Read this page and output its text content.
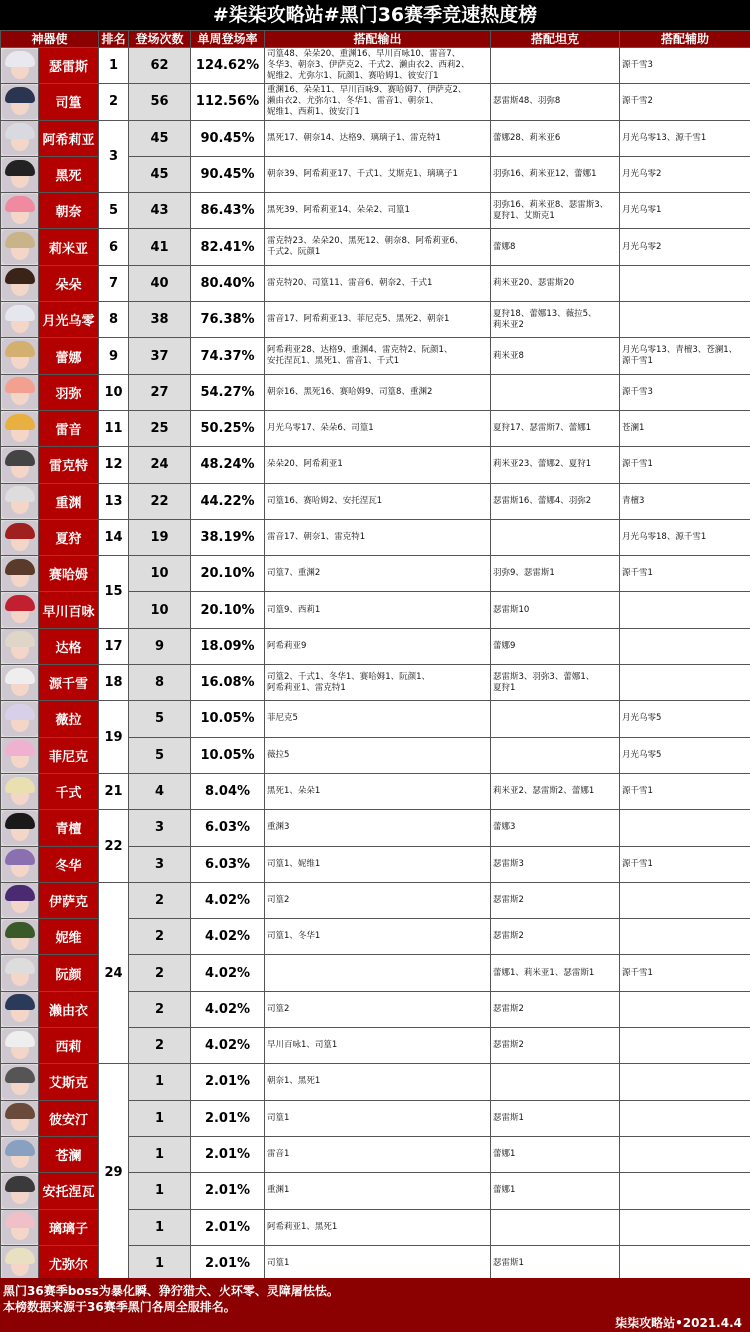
#柒柒攻略站#黑门36赛季竞速热度榜
神器使		排名	登场次数	单周登场率	搭配输出	搭配坦克	搭配辅助

	瑟雷斯	1	62	124.62%	司篁48、朵朵20、重渊16、早川百咏10、雷音7、
冬华3、朝奈3、伊萨克2、千式2、濑由衣2、西莉2、
妮维2、尤弥尔1、阮颜1、赛哈姆1、彼安汀1		源千雪3

	司篁	2	56	112.56%	重渊16、朵朵11、早川百咏9、赛哈姆7、伊萨克2、
濑由衣2、尤弥尔1、冬华1、雷音1、朝奈1、
妮维1、西莉1、彼安汀1	瑟雷斯48、羽弥8	源千雪2

	阿希莉亚	3	45	90.45%	黑死17、朝奈14、达格9、璃璃子1、雷克特1	蕾娜28、莉米亚6	月光乌零13、源千雪1

	黑死		45	90.45%	朝奈39、阿希莉亚17、千式1、艾斯克1、璃璃子1	羽弥16、莉米亚12、蕾娜1	月光乌零2

	朝奈	5	43	86.43%	黑死39、阿希莉亚14、朵朵2、司篁1	羽弥16、莉米亚8、瑟雷斯3、
夏狩1、艾斯克1	月光乌零1

	莉米亚	6	41	82.41%	雷克特23、朵朵20、黑死12、朝奈8、阿希莉亚6、
千式2、阮颜1	蕾娜8	月光乌零2

	朵朵	7	40	80.40%	雷克特20、司篁11、雷音6、朝奈2、千式1	莉米亚20、瑟雷斯20	

	月光乌零	8	38	76.38%	雷音17、阿希莉亚13、菲尼克5、黑死2、朝奈1	夏狩18、蕾娜13、薇拉5、
莉米亚2	

	蕾娜	9	37	74.37%	阿希莉亚28、达格9、重渊4、雷克特2、阮颜1、
安托涅瓦1、黑死1、雷音1、千式1	莉米亚8	月光乌零13、青檀3、苍澜1、
源千雪1

	羽弥	10	27	54.27%	朝奈16、黑死16、赛哈姆9、司篁8、重渊2		源千雪3

	雷音	11	25	50.25%	月光乌零17、朵朵6、司篁1	夏狩17、瑟雷斯7、蕾娜1	苍澜1

	雷克特	12	24	48.24%	朵朵20、阿希莉亚1	莉米亚23、蕾娜2、夏狩1	源千雪1

	重渊	13	22	44.22%	司篁16、赛哈姆2、安托涅瓦1	瑟雷斯16、蕾娜4、羽弥2	青檀3

	夏狩	14	19	38.19%	雷音17、朝奈1、雷克特1		月光乌零18、源千雪1

	赛哈姆	15	10	20.10%	司篁7、重渊2	羽弥9、瑟雷斯1	源千雪1

	早川百咏		10	20.10%	司篁9、西莉1	瑟雷斯10	

	达格	17	9	18.09%	阿希莉亚9	蕾娜9	

	源千雪	18	8	16.08%	司篁2、千式1、冬华1、赛哈姆1、阮颜1、
阿希莉亚1、雷克特1	瑟雷斯3、羽弥3、蕾娜1、
夏狩1	

	薇拉	19	5	10.05%	菲尼克5		月光乌零5

	菲尼克		5	10.05%	薇拉5		月光乌零5

	千式	21	4	8.04%	黑死1、朵朵1	莉米亚2、瑟雷斯2、蕾娜1	源千雪1

	青檀	22	3	6.03%	重渊3	蕾娜3	

	冬华		3	6.03%	司篁1、妮维1	瑟雷斯3	源千雪1

	伊萨克	24	2	4.02%	司篁2	瑟雷斯2	

	妮维		2	4.02%	司篁1、冬华1	瑟雷斯2	

	阮颜		2	4.02%		蕾娜1、莉米亚1、瑟雷斯1	源千雪1

	濑由衣		2	4.02%	司篁2	瑟雷斯2	

	西莉		2	4.02%	早川百咏1、司篁1	瑟雷斯2	

	艾斯克	29	1	2.01%	朝奈1、黑死1		

	彼安汀		1	2.01%	司篁1	瑟雷斯1	

	苍澜		1	2.01%	雷音1	蕾娜1	

	安托涅瓦		1	2.01%	重渊1	蕾娜1	

	璃璃子		1	2.01%	阿希莉亚1、黑死1		

	尤弥尔		1	2.01%	司篁1	瑟雷斯1	
黑门36赛季boss为暴化瞬、狰狞猎犬、火环零、灵障屠怯怯。
本榜数据来源于36赛季黑门各周全服排名。
柒柒攻略站•2021.4.4
